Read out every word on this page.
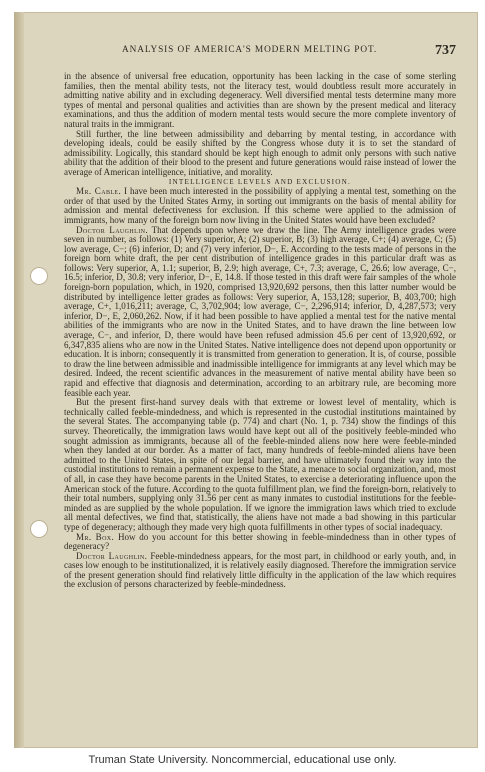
ANALYSIS OF AMERICA'S MODERN MELTING POT.	737

in the absence of universal free education, opportunity has been lacking in the case of some sterling families, then the mental ability tests, not the literacy test, would doubtless result more accurately in admitting native ability and in excluding degeneracy. Well diversified mental tests determine many more types of mental and personal qualities and activities than are shown by the present medical and literacy examinations, and thus the addition of modern mental tests would secure the more complete inventory of natural traits in the immigrant.

Still further, the line between admissibility and debarring by mental testing, in accordance with developing ideals, could be easily shifted by the Congress whose duty it is to set the standard of admissibility. Logically, this standard should be kept high enough to admit only persons with such native ability that the addition of their blood to the present and future generations would raise instead of lower the average of American intelligence, initiative, and morality.

INTELLIGENCE LEVELS AND EXCLUSION.

Mr. Cable. I have been much interested in the possibility of applying a mental test, something on the order of that used by the United States Army, in sorting out immigrants on the basis of mental ability for admission and mental defectiveness for exclusion. If this scheme were applied to the admission of immigrants, how many of the foreign born now living in the United States would have been excluded?

Doctor Laughlin. That depends upon where we draw the line. The Army intelligence grades were seven in number, as follows: (1) Very superior, A; (2) superior, B; (3) high average, C+; (4) average, C; (5) low average, C−; (6) inferior, D; and (7) very inferior, D−, E. According to the tests made of persons in the foreign born white draft, the per cent distribution of intelligence grades in this particular draft was as follows: Very superior, A, 1.1; superior, B, 2.9; high average, C+, 7.3; average, C, 26.6; low average, C−, 16.5; inferior, D, 30.8; very inferior, D−, E, 14.8. If those tested in this draft were fair samples of the whole foreign-born population, which, in 1920, comprised 13,920,692 persons, then this latter number would be distributed by intelligence letter grades as follows: Very superior, A, 153,128; superior, B, 403,700; high average, C+, 1,016,211; average, C, 3,702,904; low average, C−, 2,296,914; inferior, D, 4,287,573; very inferior, D−, E, 2,060,262. Now, if it had been possible to have applied a mental test for the native mental abilities of the immigrants who are now in the United States, and to have drawn the line between low average, C−, and inferior, D, there would have been refused admission 45.6 per cent of 13,920,692, or 6,347,835 aliens who are now in the United States. Native intelligence does not depend upon opportunity or education. It is inborn; consequently it is transmitted from generation to generation. It is, of course, possible to draw the line between admissible and inadmissible intelligence for immigrants at any level which may be desired. Indeed, the recent scientific advances in the measurement of native mental ability have been so rapid and effective that diagnosis and determination, according to an arbitrary rule, are becoming more feasible each year.

But the present first-hand survey deals with that extreme or lowest level of mentality, which is technically called feeble-mindedness, and which is represented in the custodial institutions maintained by the several States. The accompanying table (p. 774) and chart (No. 1, p. 734) show the findings of this survey. Theoretically, the immigration laws would have kept out all of the positively feeble-minded who sought admission as immigrants, because all of the feeble-minded aliens now here were feeble-minded when they landed at our border. As a matter of fact, many hundreds of feeble-minded aliens have been admitted to the United States, in spite of our legal barrier, and have ultimately found their way into the custodial institutions to remain a permanent expense to the State, a menace to social organization, and, most of all, in case they have become parents in the United States, to exercise a deteriorating influence upon the American stock of the future. According to the quota fulfillment plan, we find the foreign-born, relatively to their total numbers, supplying only 31.56 per cent as many inmates to custodial institutions for the feeble-minded as are supplied by the whole population. If we ignore the immigration laws which tried to exclude all mental defectives, we find that, statistically, the aliens have not made a bad showing in this particular type of degeneracy; although they made very high quota fulfillments in other types of social inadequacy.

Mr. Box. How do you account for this better showing in feeble-mindedness than in other types of degeneracy?

Doctor Laughlin. Feeble-mindedness appears, for the most part, in childhood or early youth, and, in cases low enough to be institutionalized, it is relatively easily diagnosed. Therefore the immigration service of the present generation should find relatively little difficulty in the application of the law which requires the exclusion of persons characterized by feeble-mindedness.

Truman State University. Noncommercial, educational use only.
